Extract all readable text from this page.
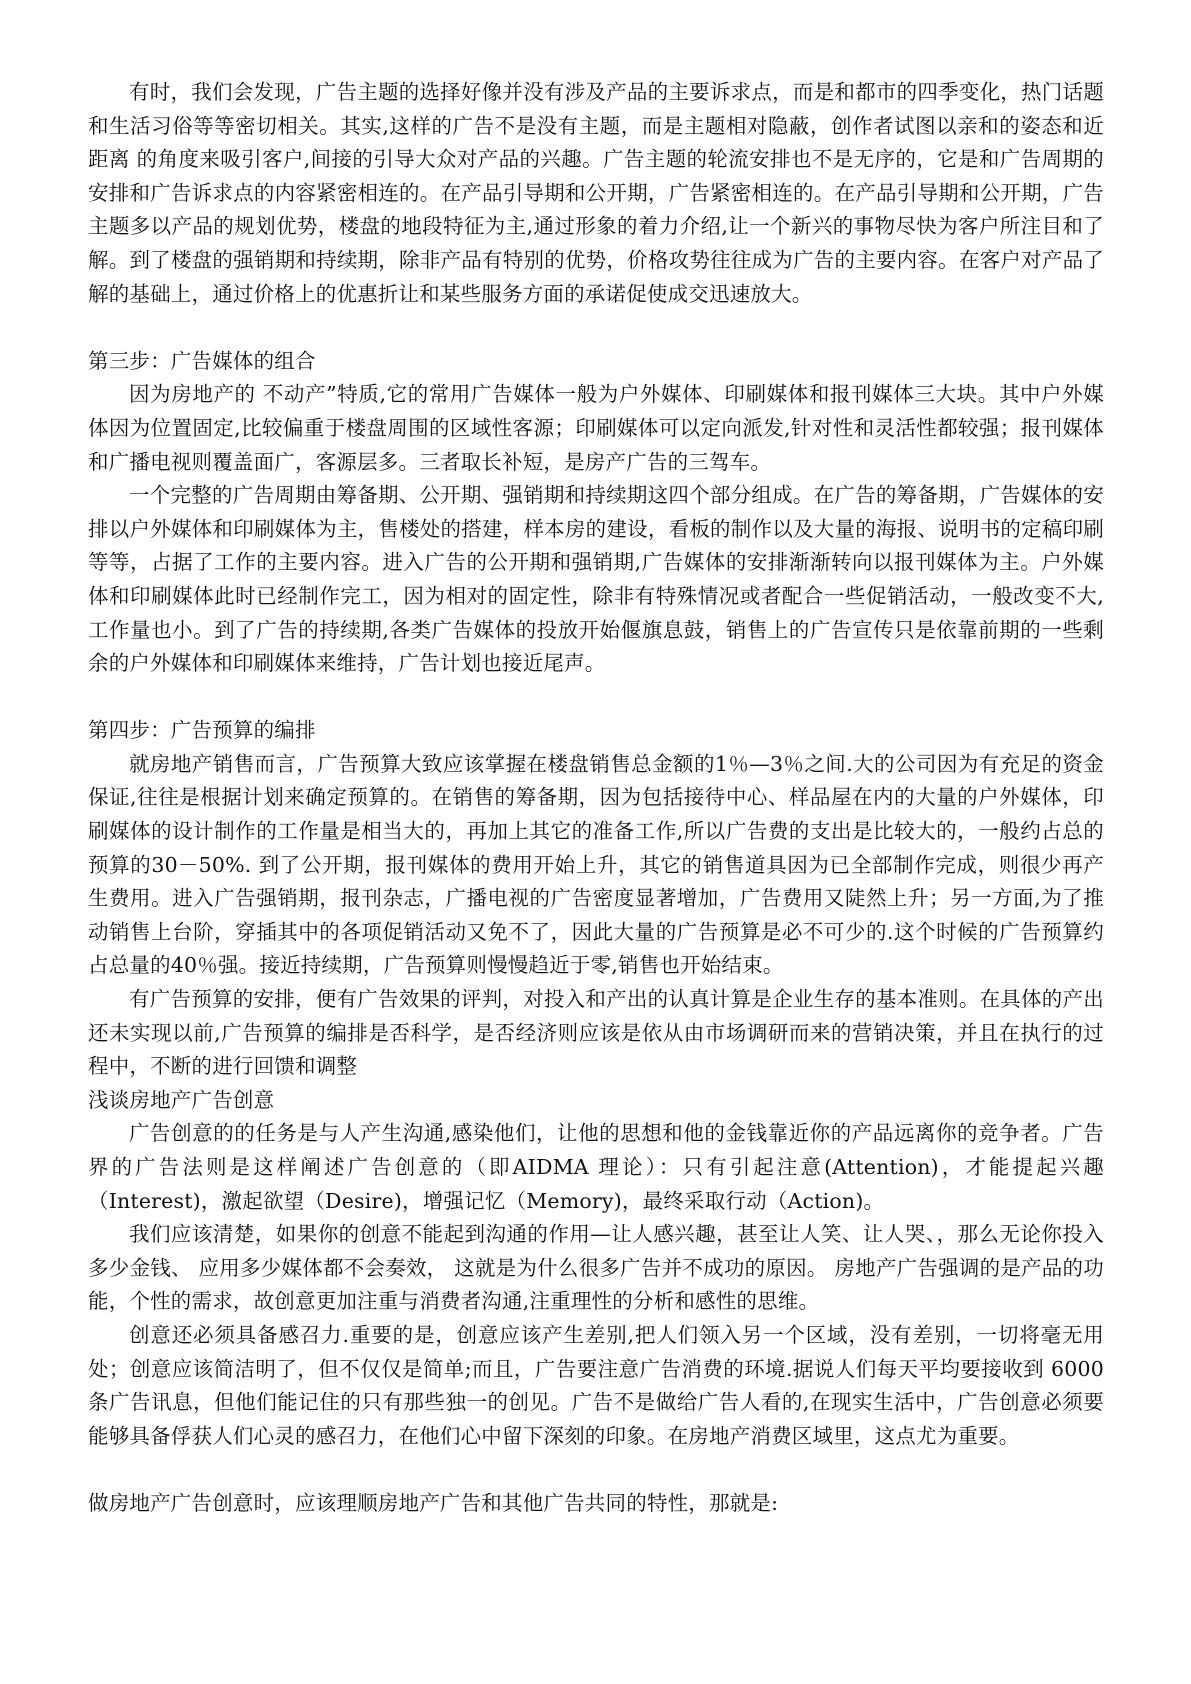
有时，我们会发现，广告主题的选择好像并没有涉及产品的主要诉求点，而是和都市的四季变化，热门话题和生活习俗等等密切相关。其实,这样的广告不是没有主题，而是主题相对隐蔽，创作者试图以亲和的姿态和近距离 的角度来吸引客户,间接的引导大众对产品的兴趣。广告主题的轮流安排也不是无序的，它是和广告周期的安排和广告诉求点的内容紧密相连的。在产品引导期和公开期，广告紧密相连的。在产品引导期和公开期，广告主题多以产品的规划优势，楼盘的地段特征为主,通过形象的着力介绍,让一个新兴的事物尽快为客户所注目和了解。到了楼盘的强销期和持续期，除非产品有特别的优势，价格攻势往往成为广告的主要内容。在客户对产品了解的基础上，通过价格上的优惠折让和某些服务方面的承诺促使成交迅速放大。

第三步：广告媒体的组合

因为房地产的 不动产”特质,它的常用广告媒体一般为户外媒体、印刷媒体和报刊媒体三大块。其中户外媒体因为位置固定,比较偏重于楼盘周围的区域性客源；印刷媒体可以定向派发,针对性和灵活性都较强；报刊媒体和广播电视则覆盖面广，客源层多。三者取长补短，是房产广告的三驾车。

一个完整的广告周期由筹备期、公开期、强销期和持续期这四个部分组成。在广告的筹备期，广告媒体的安排以户外媒体和印刷媒体为主，售楼处的搭建，样本房的建设，看板的制作以及大量的海报、说明书的定稿印刷等等，占据了工作的主要内容。进入广告的公开期和强销期,广告媒体的安排渐渐转向以报刊媒体为主。户外媒体和印刷媒体此时已经制作完工，因为相对的固定性，除非有特殊情况或者配合一些促销活动，一般改变不大,工作量也小。到了广告的持续期,各类广告媒体的投放开始偃旗息鼓，销售上的广告宣传只是依靠前期的一些剩余的户外媒体和印刷媒体来维持，广告计划也接近尾声。

第四步：广告预算的编排

就房地产销售而言，广告预算大致应该掌握在楼盘销售总金额的1％—3％之间.大的公司因为有充足的资金保证,往往是根据计划来确定预算的。在销售的筹备期，因为包括接待中心、样品屋在内的大量的户外媒体，印刷媒体的设计制作的工作量是相当大的，再加上其它的准备工作,所以广告费的支出是比较大的，一般约占总的预算的30－50%. 到了公开期，报刊媒体的费用开始上升，其它的销售道具因为已全部制作完成，则很少再产生费用。进入广告强销期，报刊杂志，广播电视的广告密度显著增加，广告费用又陡然上升；另一方面,为了推动销售上台阶，穿插其中的各项促销活动又免不了，因此大量的广告预算是必不可少的.这个时候的广告预算约占总量的40％强。接近持续期，广告预算则慢慢趋近于零,销售也开始结束。

有广告预算的安排，便有广告效果的评判，对投入和产出的认真计算是企业生存的基本准则。在具体的产出还未实现以前,广告预算的编排是否科学，是否经济则应该是依从由市场调研而来的营销决策，并且在执行的过程中，不断的进行回馈和调整

浅谈房地产广告创意

广告创意的的任务是与人产生沟通,感染他们，让他的思想和他的金钱靠近你的产品远离你的竞争者。广告界的广告法则是这样阐述广告创意的（即AIDMA 理论）：只有引起注意(Attention)，才能提起兴趣（Interest)，激起欲望（Desire)，增强记忆（Memory)，最终采取行动（Action)。

我们应该清楚，如果你的创意不能起到沟通的作用—让人感兴趣，甚至让人笑、让人哭、，那么无论你投入多少金钱、 应用多少媒体都不会奏效， 这就是为什么很多广告并不成功的原因。 房地产广告强调的是产品的功能，个性的需求，故创意更加注重与消费者沟通,注重理性的分析和感性的思维。

创意还必须具备感召力.重要的是，创意应该产生差别,把人们领入另一个区域，没有差别，一切将毫无用处；创意应该简洁明了，但不仅仅是简单;而且，广告要注意广告消费的环境.据说人们每天平均要接收到 6000 条广告讯息，但他们能记住的只有那些独一的创见。广告不是做给广告人看的,在现实生活中，广告创意必须要能够具备俘获人们心灵的感召力，在他们心中留下深刻的印象。在房地产消费区域里，这点尤为重要。

做房地产广告创意时，应该理顺房地产广告和其他广告共同的特性，那就是:
